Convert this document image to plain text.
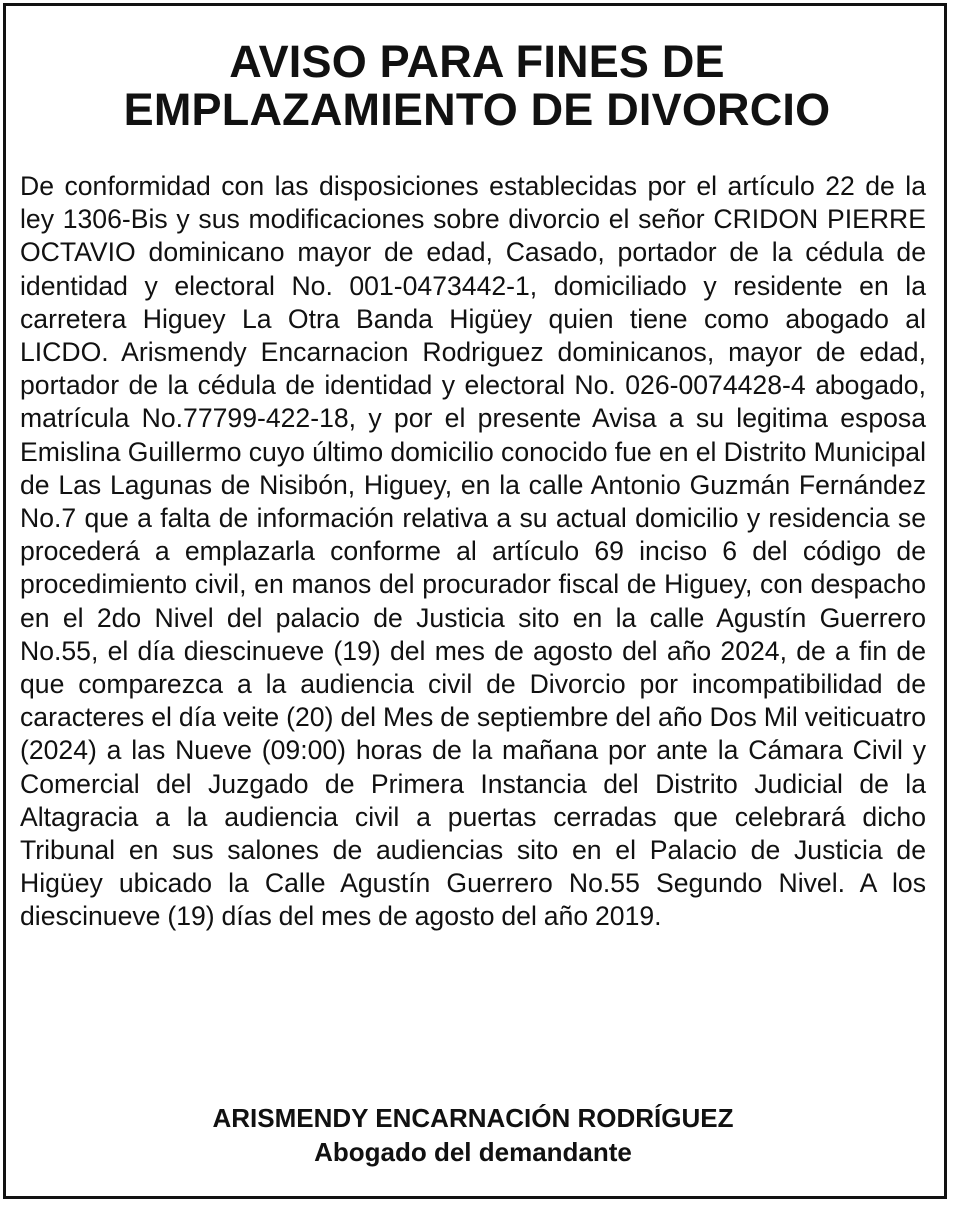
AVISO PARA FINES DE
EMPLAZAMIENTO DE DIVORCIO
De conformidad con las disposiciones establecidas por el artículo 22 de la ley 1306-Bis y sus modificaciones sobre divorcio el señor CRIDON PIERRE OCTAVIO dominicano mayor de edad, Casado, portador de la cédula de identidad y electoral No. 001-0473442-1, domiciliado y residente en la carretera Higuey La Otra Banda Higüey quien tiene como abogado al LICDO. Arismendy Encarnacion Rodriguez dominicanos, mayor de edad, portador de la cédula de identidad y electoral No. 026-0074428-4 abogado, matrícula No.77799-422-18, y por el presente Avisa a su legitima esposa Emislina Guillermo cuyo último domicilio conocido fue en el Distrito Municipal de Las Lagunas de Nisibón, Higuey, en la calle Antonio Guzmán Fernández No.7 que a falta de información relativa a su actual domicilio y residencia se procederá a emplazarla conforme al artículo 69 inciso 6 del código de procedimiento civil, en manos del procurador fiscal de Higuey, con despacho en el 2do Nivel del palacio de Justicia sito en la calle Agustín Guerrero No.55, el día diescinueve (19) del mes de agosto del año 2024, de a fin de que comparezca a la audiencia civil de Divorcio por incompatibilidad de caracteres el día veite (20) del Mes de septiembre del año Dos Mil veiticuatro (2024) a las Nueve (09:00) horas de la mañana por ante la Cámara Civil y Comercial del Juzgado de Primera Instancia del Distrito Judicial de la Altagracia a la audiencia civil a puertas cerradas que celebrará dicho Tribunal en sus salones de audiencias sito en el Palacio de Justicia de Higüey ubicado la Calle Agustín Guerrero No.55 Segundo Nivel. A los diescinueve (19) días del mes de agosto del año 2019.
ARISMENDY ENCARNACIÓN RODRÍGUEZ
Abogado del demandante
